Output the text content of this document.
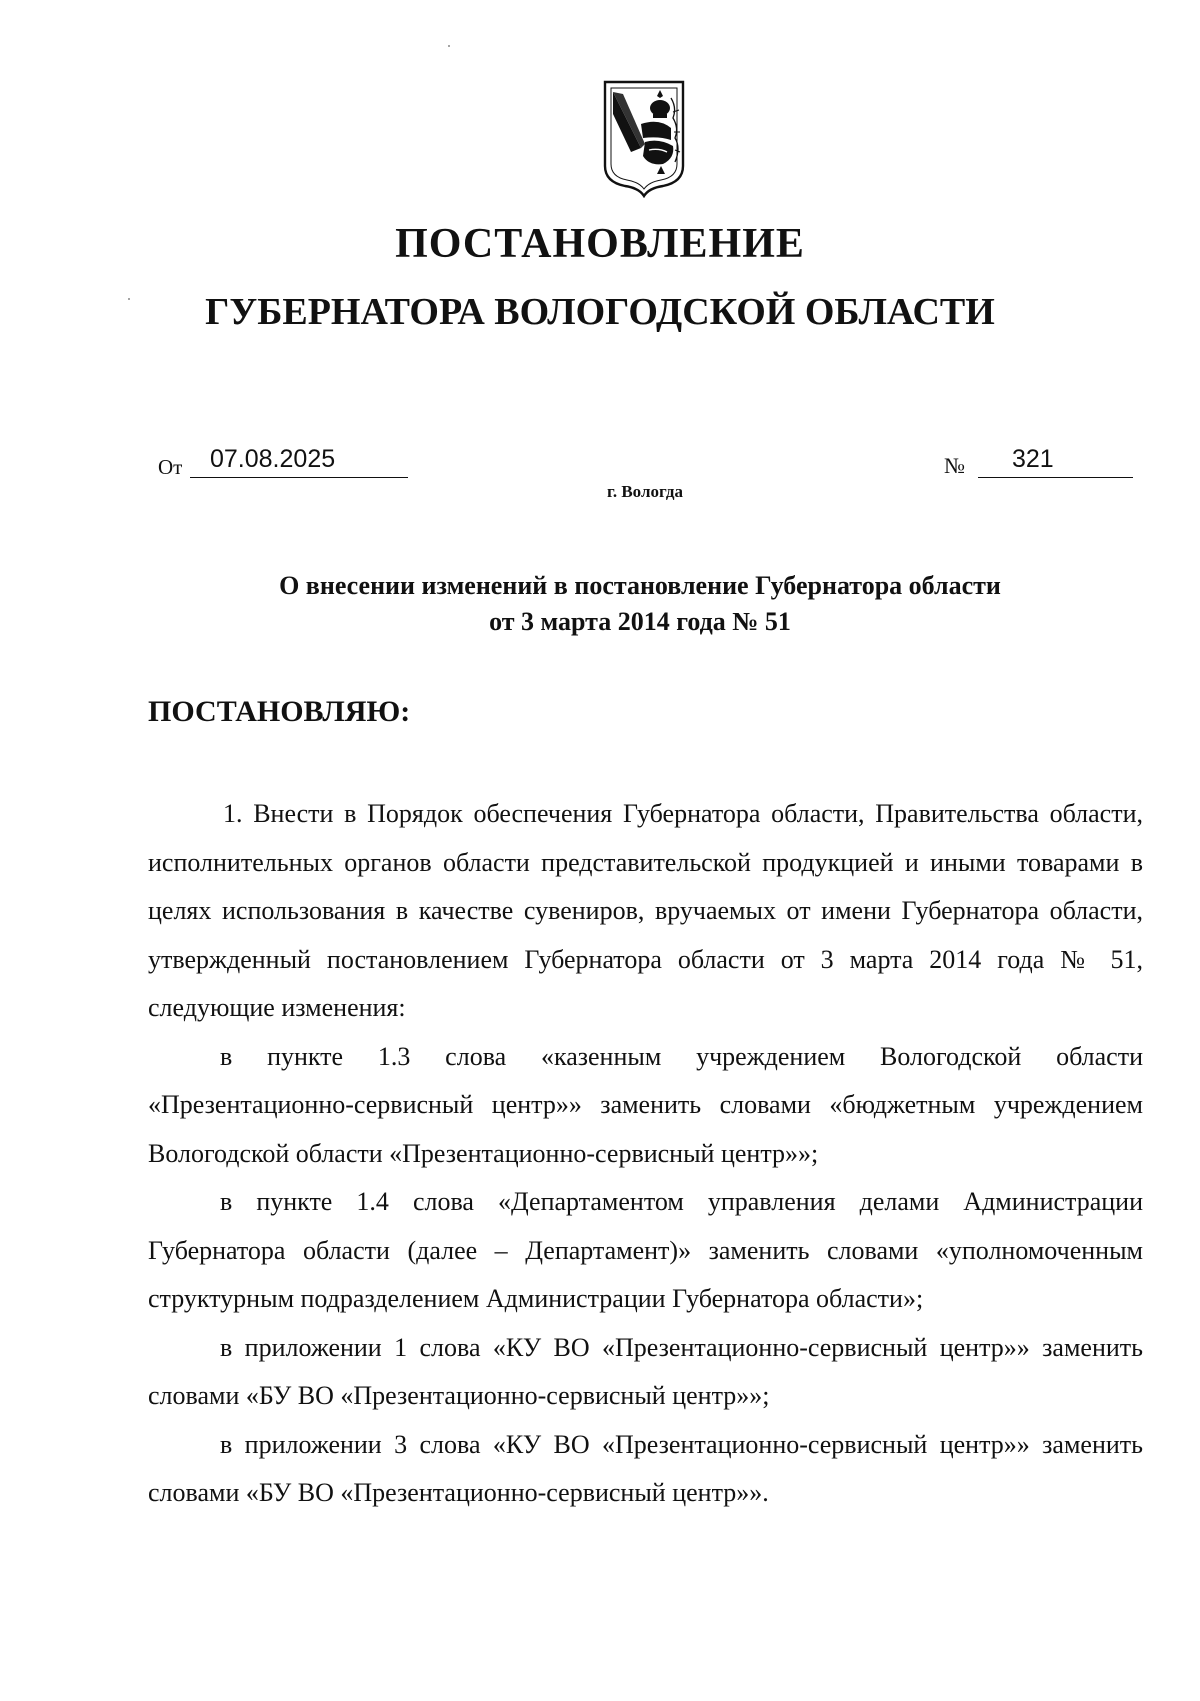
ПОСТАНОВЛЕНИЕ
ГУБЕРНАТОРА ВОЛОГОДСКОЙ ОБЛАСТИ
От 07.08.2025	№ 321
г. Вологда
О внесении изменений в постановление Губернатора области
от 3 марта 2014 года № 51
ПОСТАНОВЛЯЮ:

1. Внести в Порядок обеспечения Губернатора области, Правительства области, исполнительных органов области представительской продукцией и иными товарами в целях использования в качестве сувениров, вручаемых от имени Губернатора области, утвержденный постановлением Губернатора области от 3 марта 2014 года № 51, следующие изменения:

в пункте 1.3 слова «казенным учреждением Вологодской области «Презентационно-сервисный центр»» заменить словами «бюджетным учреждением Вологодской области «Презентационно-сервисный центр»»;

в пункте 1.4 слова «Департаментом управления делами Администрации Губернатора области (далее – Департамент)» заменить словами «уполномоченным структурным подразделением Администрации Губернатора области»;

в приложении 1 слова «КУ ВО «Презентационно-сервисный центр»» заменить словами «БУ ВО «Презентационно-сервисный центр»»;

в приложении 3 слова «КУ ВО «Презентационно-сервисный центр»» заменить словами «БУ ВО «Презентационно-сервисный центр»».
